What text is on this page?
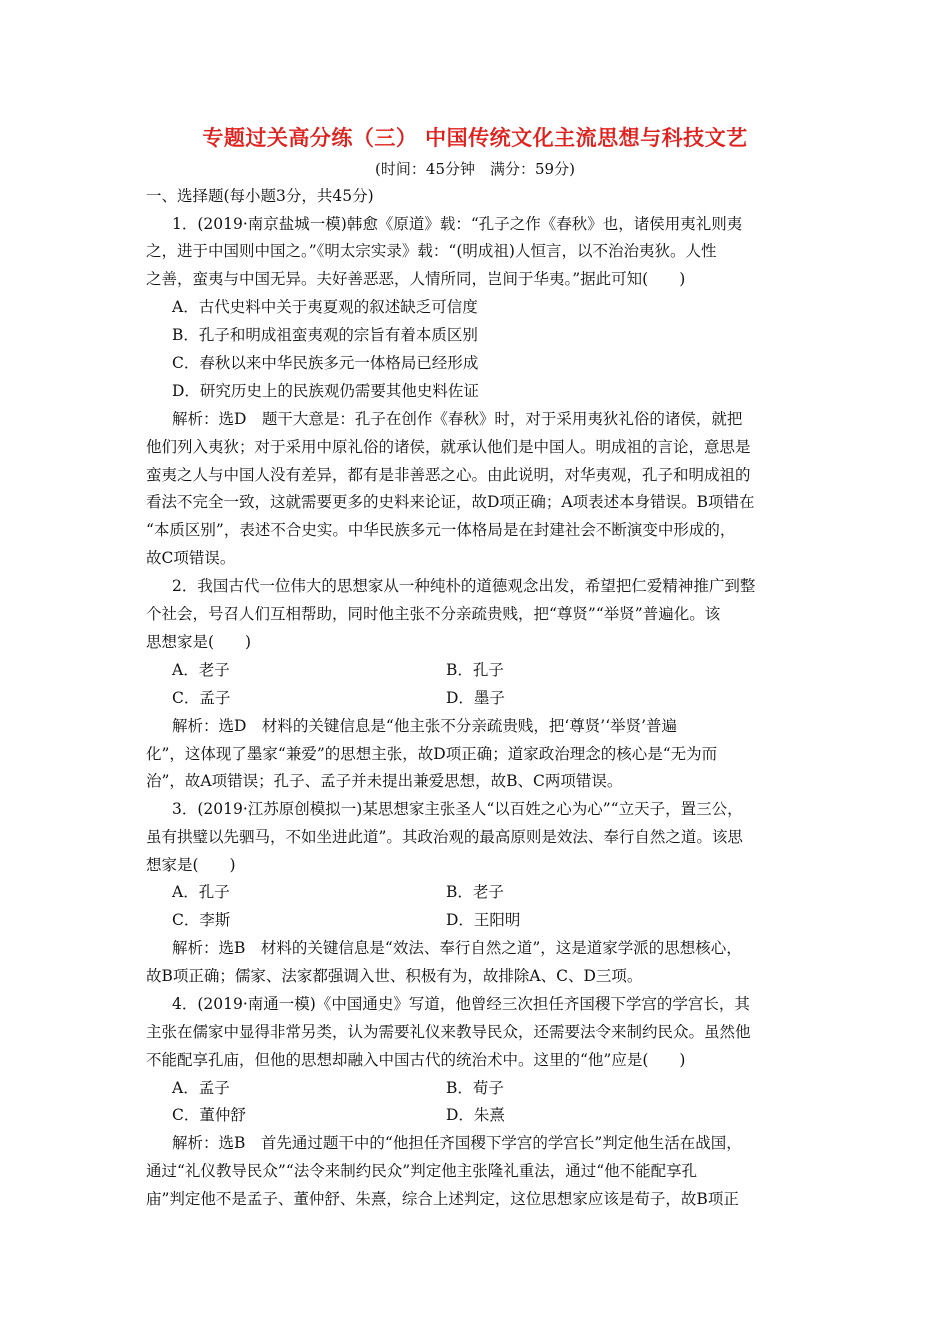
专题过关高分练（三） 中国传统文化主流思想与科技文艺
(时间：45分钟　满分：59分)
一、选择题(每小题3分，共45分)
1．(2019·南京盐城一模)韩愈《原道》载：“孔子之作《春秋》也，诸侯用夷礼则夷
之，进于中国则中国之。”《明太宗实录》载：“(明成祖)人恒言，以不治治夷狄。人性
之善，蛮夷与中国无异。夫好善恶恶，人情所同，岂间于华夷。”据此可知(　　)
A．古代史料中关于夷夏观的叙述缺乏可信度
B．孔子和明成祖蛮夷观的宗旨有着本质区别
C．春秋以来中华民族多元一体格局已经形成
D．研究历史上的民族观仍需要其他史料佐证
解析：选D　题干大意是：孔子在创作《春秋》时，对于采用夷狄礼俗的诸侯，就把
他们列入夷狄；对于采用中原礼俗的诸侯，就承认他们是中国人。明成祖的言论，意思是
蛮夷之人与中国人没有差异，都有是非善恶之心。由此说明，对华夷观，孔子和明成祖的
看法不完全一致，这就需要更多的史料来论证，故D项正确；A项表述本身错误。B项错在
“本质区别”，表述不合史实。中华民族多元一体格局是在封建社会不断演变中形成的，
故C项错误。
2．我国古代一位伟大的思想家从一种纯朴的道德观念出发，希望把仁爱精神推广到整
个社会，号召人们互相帮助，同时他主张不分亲疏贵贱，把“尊贤”“举贤”普遍化。该
思想家是(　　)
A．老子	B．孔子
C．孟子	D．墨子
解析：选D　材料的关键信息是“他主张不分亲疏贵贱，把‘尊贤’‘举贤’普遍
化”，这体现了墨家“兼爱”的思想主张，故D项正确；道家政治理念的核心是“无为而
治”，故A项错误；孔子、孟子并未提出兼爱思想，故B、C两项错误。
3．(2019·江苏原创模拟一)某思想家主张圣人“以百姓之心为心”“立天子，置三公，
虽有拱璧以先驷马，不如坐进此道”。其政治观的最高原则是效法、奉行自然之道。该思
想家是(　　)
A．孔子	B．老子
C．李斯	D．王阳明
解析：选B　材料的关键信息是“效法、奉行自然之道”，这是道家学派的思想核心，
故B项正确；儒家、法家都强调入世、积极有为，故排除A、C、D三项。
4．(2019·南通一模)《中国通史》写道，他曾经三次担任齐国稷下学宫的学宫长，其
主张在儒家中显得非常另类，认为需要礼仪来教导民众，还需要法令来制约民众。虽然他
不能配享孔庙，但他的思想却融入中国古代的统治术中。这里的“他”应是(　　)
A．孟子	B．荀子
C．董仲舒	D．朱熹
解析：选B　首先通过题干中的“他担任齐国稷下学宫的学宫长”判定他生活在战国，
通过“礼仪教导民众”“法令来制约民众”判定他主张隆礼重法，通过“他不能配享孔
庙”判定他不是孟子、董仲舒、朱熹，综合上述判定，这位思想家应该是荀子，故B项正
